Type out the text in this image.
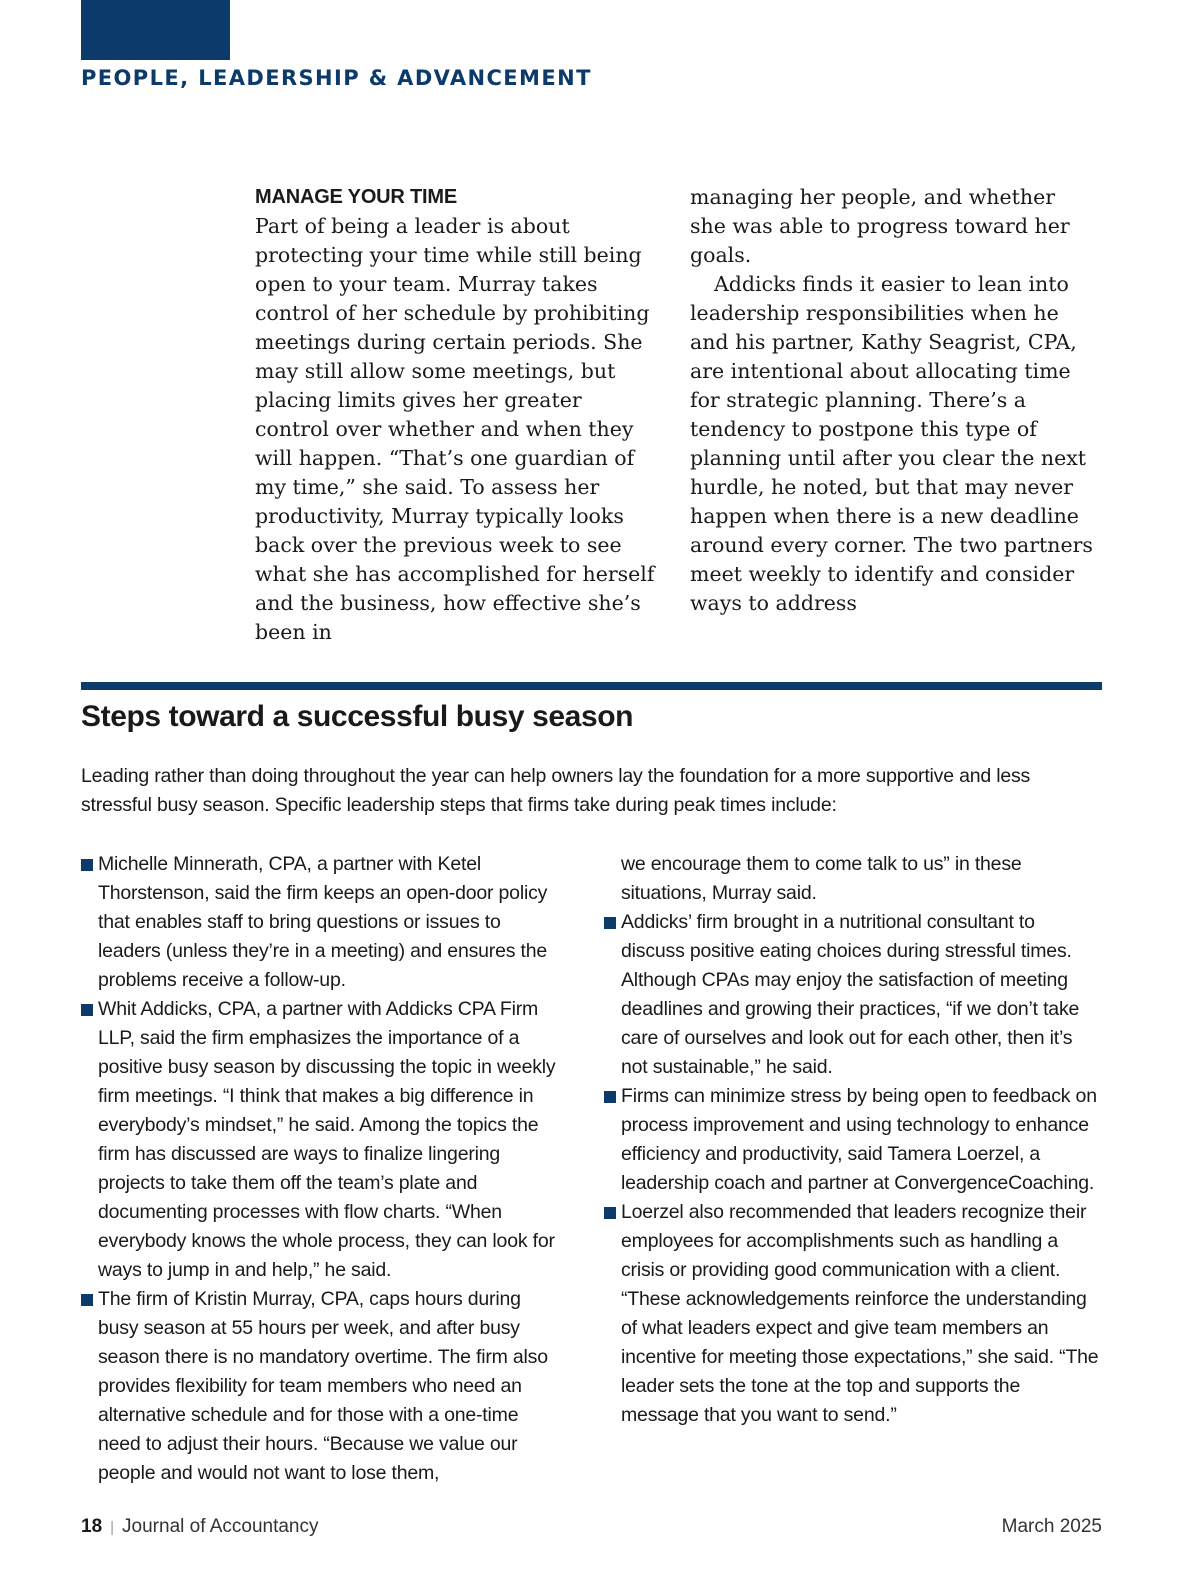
PEOPLE, LEADERSHIP & ADVANCEMENT
MANAGE YOUR TIME

Part of being a leader is about protecting your time while still being open to your team. Murray takes control of her schedule by prohibiting meetings during certain periods. She may still allow some meetings, but placing limits gives her greater control over whether and when they will happen. “That’s one guardian of my time,” she said. To assess her productivity, Murray typically looks back over the previous week to see what she has accomplished for herself and the business, how effective she’s been in

managing her people, and whether she was able to progress toward her goals.

Addicks finds it easier to lean into leadership responsibilities when he and his partner, Kathy Seagrist, CPA, are intentional about allocating time for strategic planning. There’s a tendency to postpone this type of planning until after you clear the next hurdle, he noted, but that may never happen when there is a new deadline around every corner. The two partners meet weekly to identify and consider ways to address

Steps toward a successful busy season

Leading rather than doing throughout the year can help owners lay the foundation for a more supportive and less stressful busy season. Specific leadership steps that firms take during peak times include:

Michelle Minnerath, CPA, a partner with Ketel Thorstenson, said the firm keeps an open-door policy that enables staff to bring questions or issues to leaders (unless they’re in a meeting) and ensures the problems receive a follow-up.
Whit Addicks, CPA, a partner with Addicks CPA Firm LLP, said the firm emphasizes the importance of a positive busy season by discussing the topic in weekly firm meetings. “I think that makes a big difference in everybody’s mindset,” he said. Among the topics the firm has discussed are ways to finalize lingering projects to take them off the team’s plate and documenting processes with flow charts. “When everybody knows the whole process, they can look for ways to jump in and help,” he said.
The firm of Kristin Murray, CPA, caps hours during busy season at 55 hours per week, and after busy season there is no mandatory overtime. The firm also provides flexibility for team members who need an alternative schedule and for those with a one-time need to adjust their hours. “Because we value our people and would not want to lose them,
we encourage them to come talk to us” in these situations, Murray said.
Addicks’ firm brought in a nutritional consultant to discuss positive eating choices during stressful times. Although CPAs may enjoy the satisfaction of meeting deadlines and growing their practices, “if we don’t take care of ourselves and look out for each other, then it’s not sustainable,” he said.
Firms can minimize stress by being open to feedback on process improvement and using technology to enhance efficiency and productivity, said Tamera Loerzel, a leadership coach and partner at ConvergenceCoaching.
Loerzel also recommended that leaders recognize their employees for accomplishments such as handling a crisis or providing good communication with a client. “These acknowledgements reinforce the understanding of what leaders expect and give team members an incentive for meeting those expectations,” she said. “The leader sets the tone at the top and supports the message that you want to send.”
18 | Journal of Accountancy	March 2025
